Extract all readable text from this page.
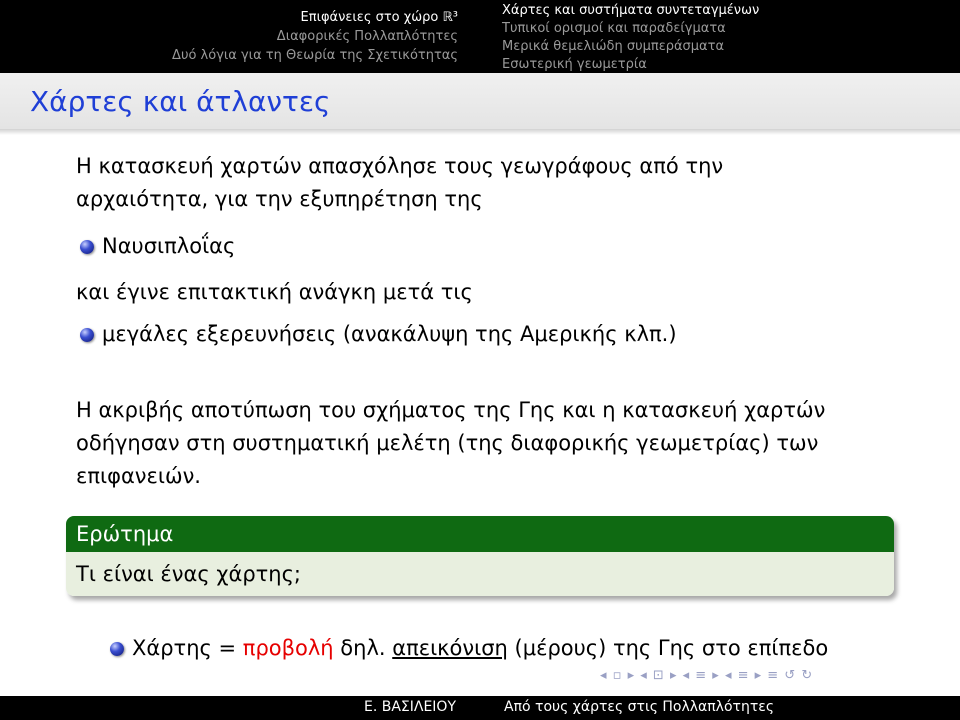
Επιφάνειες στο χώρο ℝ³
Διαφορικές Πολλαπλότητες
Δυό λόγια για τη Θεωρία της Σχετικότητας
Χάρτες και συστήματα συντεταγμένων
Τυπικοί ορισμοί και παραδείγματα
Μερικά θεμελιώδη συμπεράσματα
Εσωτερική γεωμετρία
Χάρτες και άτλαντες
Η κατασκευή χαρτών απασχόλησε τους γεωγράφους από την
αρχαιότητα, για την εξυπηρέτηση της
Ναυσιπλοΐας
και έγινε επιτακτική ανάγκη μετά τις
μεγάλες εξερευνήσεις (ανακάλυψη της Αμερικής κλπ.)
Η ακριβής αποτύπωση του σχήματος της Γης και η κατασκευή χαρτών
οδήγησαν στη συστηματική μελέτη (της διαφορικής γεωμετρίας) των
επιφανειών.
Ερώτημα
Τι είναι ένας χάρτης;
Χάρτης = προβολή δηλ. απεικόνιση (μέρους) της Γης στο επίπεδο
◂ ▫ ▸ ◂ ⊡ ▸ ◂ ≡ ▸ ◂ ≡ ▸ ≡ ↺ ↻
Ε. ΒΑΣΙΛΕΙΟΥ	Από τους χάρτες στις Πολλαπλότητες
